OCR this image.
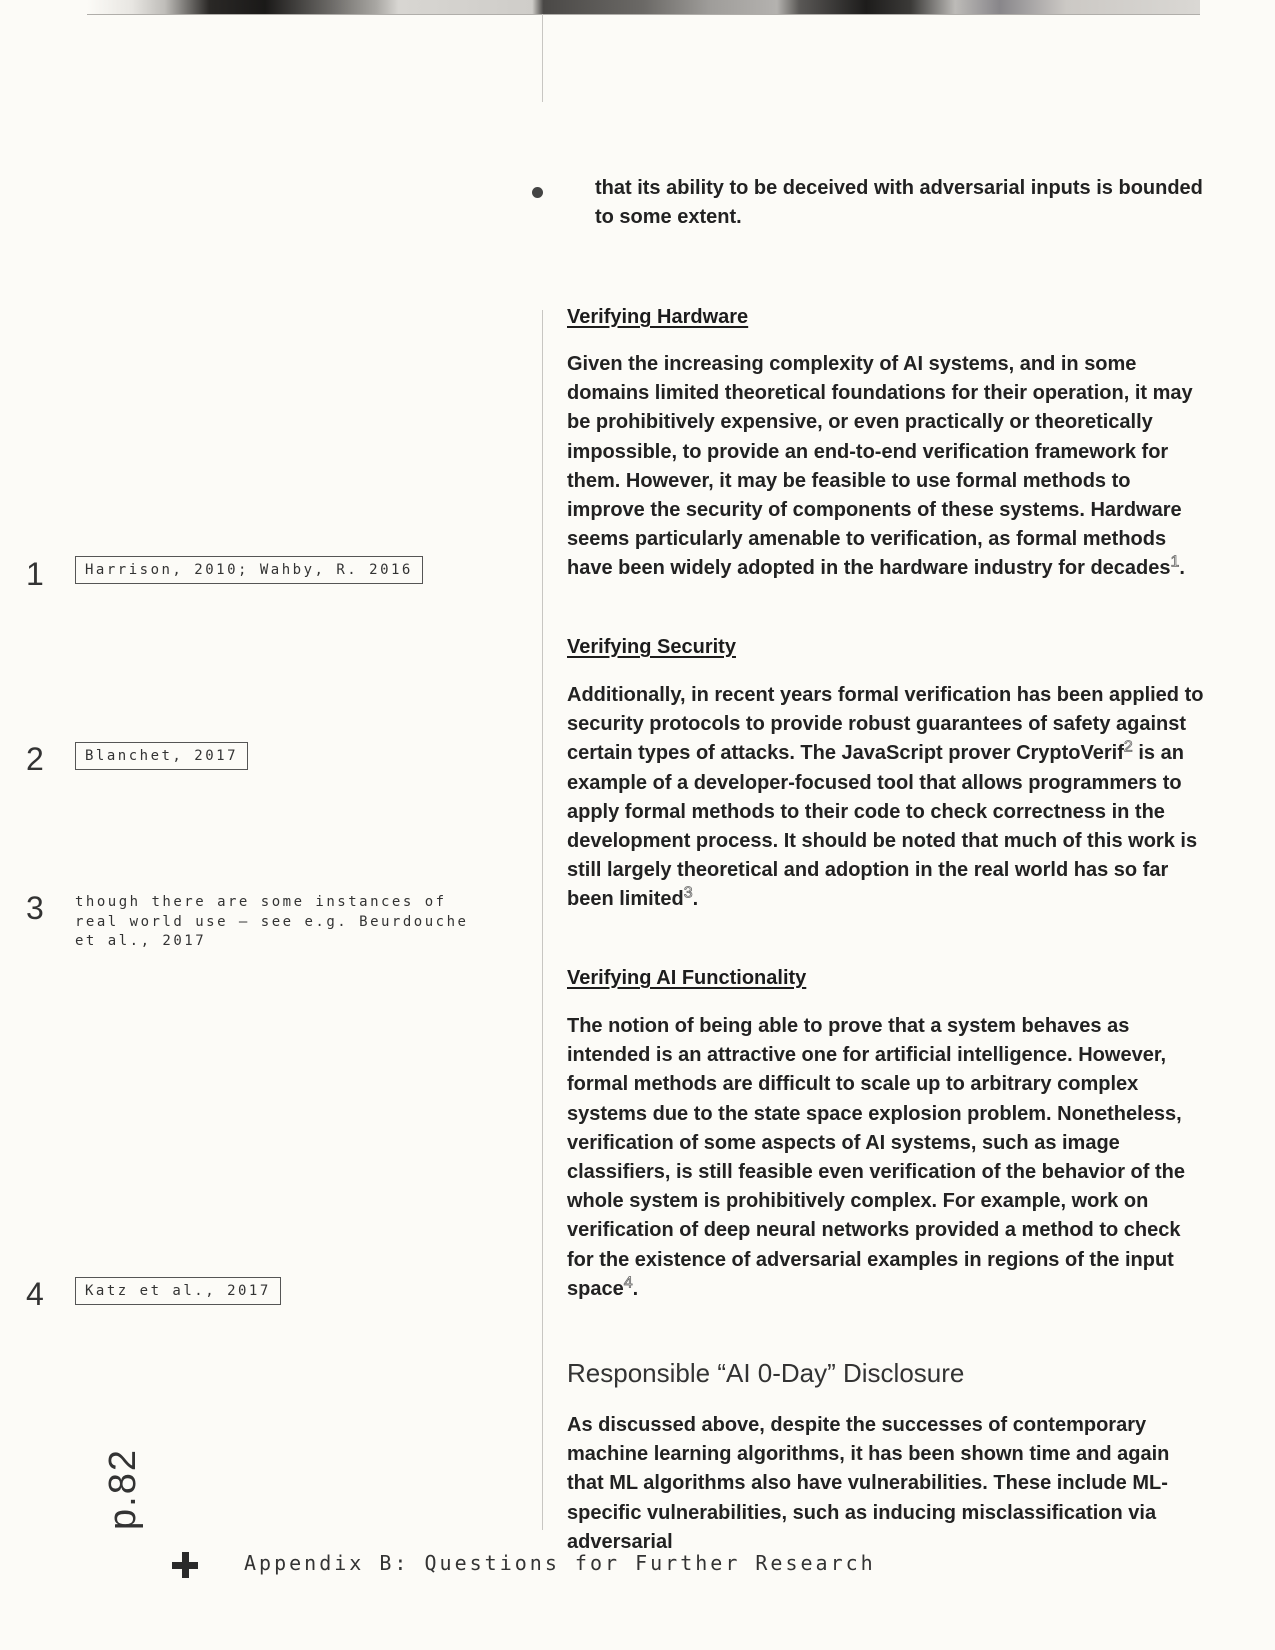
that its ability to be deceived with adversarial inputs is bounded to some extent.
Verifying Hardware
Given the increasing complexity of AI systems, and in some domains limited theoretical foundations for their operation, it may be prohibitively expensive, or even practically or theoretically impossible, to provide an end-to-end verification framework for them. However, it may be feasible to use formal methods to improve the security of components of these systems. Hardware seems particularly amenable to verification, as formal methods have been widely adopted in the hardware industry for decades$^1$.
Verifying Security
Additionally, in recent years formal verification has been applied to security protocols to provide robust guarantees of safety against certain types of attacks. The JavaScript prover CryptoVerif$^2$ is an example of a developer-focused tool that allows programmers to apply formal methods to their code to check correctness in the development process. It should be noted that much of this work is still largely theoretical and adoption in the real world has so far been limited$^3$.
Verifying AI Functionality
The notion of being able to prove that a system behaves as intended is an attractive one for artificial intelligence. However, formal methods are difficult to scale up to arbitrary complex systems due to the state space explosion problem. Nonetheless, verification of some aspects of AI systems, such as image classifiers, is still feasible even verification of the behavior of the whole system is prohibitively complex. For example, work on verification of deep neural networks provided a method to check for the existence of adversarial examples in regions of the input space$^4$.
Responsible “AI 0-Day” Disclosure
As discussed above, despite the successes of contemporary machine learning algorithms, it has been shown time and again that ML algorithms also have vulnerabilities. These include ML-specific vulnerabilities, such as inducing misclassification via adversarial
1	Harrison, 2010; Wahby, R. 2016
2	Blanchet, 2017
3 though there are some instances of real world use – see e.g. Beurdouche et al., 2017
4	Katz et al., 2017
p.82
Appendix B: Questions for Further Research
